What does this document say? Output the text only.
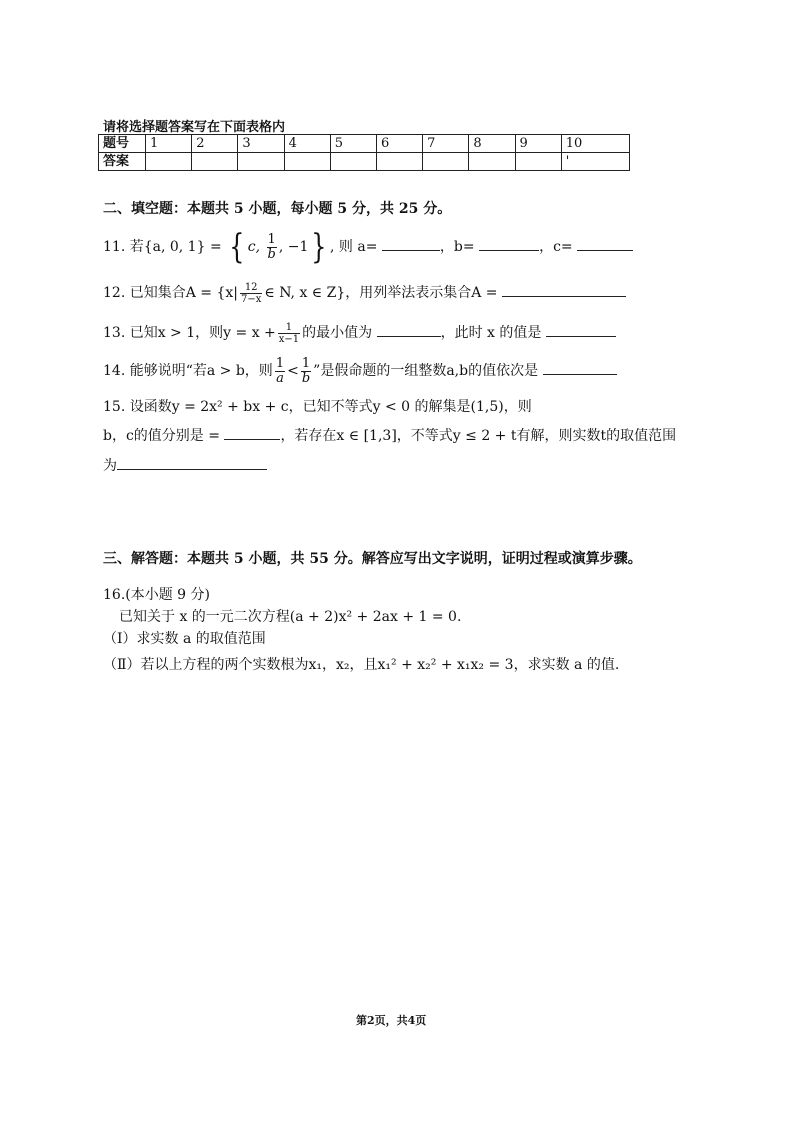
请将选择题答案写在下面表格内
题号	1	2	3	4	5	6	7	8	9	10
答案										'
二、填空题：本题共 5 小题，每小题 5 分，共 25 分。
11. 若{a, 0, 1} = { c, $\frac{1}{b}$ , −1} , 则 a=	，b=	，c=
12. 已知集合$A = \{x| \frac{12}{7-x}$ ∈ N, x ∈ Z}，用列举法表示集合A =
13. 已知x > 1，则$y = x + \frac{1}{x-1}$ 的最小值为	，此时 x 的值是
14. 能够说明“若a > b，则 $\frac{1}{a} < \frac{1}{b}$ ”是假命题的一组整数a,b的值依次是
15. 设函数y = 2x² + bx + c，已知不等式y < 0 的解集是(1,5)，则
b，c的值分别是 =	，若存在x ∈ [1,3]，不等式y ≤ 2 + t有解，则实数t的取值范围
为
三、解答题：本题共 5 小题，共 55 分。解答应写出文字说明，证明过程或演算步骤。
16.(本小题 9 分)
已知关于 x 的一元二次方程(a + 2)x² + 2ax + 1 = 0.
（Ⅰ）求实数 a 的取值范围
（Ⅱ）若以上方程的两个实数根为x₁，x₂，且x₁² + x₂² + x₁x₂ = 3，求实数 a 的值.
第2页，共4页
